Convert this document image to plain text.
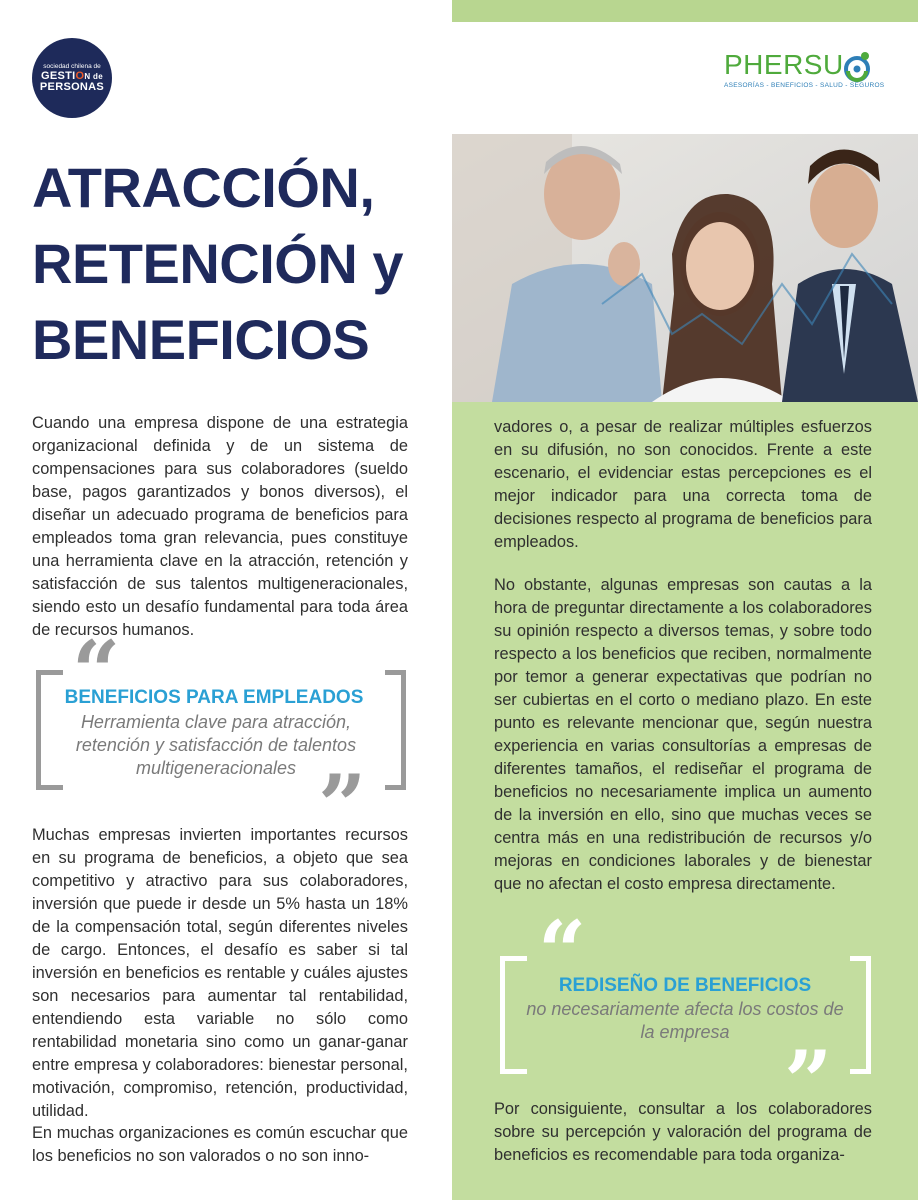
sociedad chilena de
GESTION de
PERSONAS
PHERSU
ASESORÍAS - BENEFICIOS - SALUD - SEGUROS
ATRACCIÓN,
RETENCIÓN y
BENEFICIOS

Cuando una empresa dispone de una estrategia organizacional definida y de un sistema de compensaciones para sus colaboradores (sueldo base, pagos garantizados y bonos diversos), el diseñar un adecuado programa de beneficios para empleados toma gran relevancia, pues constituye una herramienta clave en la atracción, retención y satisfacción de sus talentos multigeneracionales, siendo esto un desafío fundamental para toda área de recursos humanos.

“
”
BENEFICIOS PARA EMPLEADOS
Herramienta clave para atracción, retención y satisfacción de talentos multigeneracionales

Muchas empresas invierten importantes recursos en su programa de beneficios, a objeto que sea competitivo y atractivo para sus colaboradores, inversión que puede ir desde un 5% hasta un 18% de la compensación total, según diferentes niveles de cargo. Entonces, el desafío es saber si tal inversión en beneficios es rentable y cuáles ajustes son necesarios para aumentar tal rentabilidad, entendiendo esta variable no sólo como rentabilidad monetaria sino como un ganar-ganar entre empresa y colaboradores: bienestar personal, motivación, compromiso, retención, productividad, utilidad.

En muchas organizaciones es común escuchar que los beneficios no son valorados o no son inno-

vadores o, a pesar de realizar múltiples esfuerzos en su difusión, no son conocidos. Frente a este escenario, el evidenciar estas percepciones es el mejor indicador para una correcta toma de decisiones respecto al programa de beneficios para empleados.

No obstante, algunas empresas son cautas a la hora de preguntar directamente a los colaboradores su opinión respecto a diversos temas, y sobre todo respecto a los beneficios que reciben, normalmente por temor a generar expectativas que podrían no ser cubiertas en el corto o mediano plazo. En este punto es relevante mencionar que, según nuestra experiencia en varias consultorías a empresas de diferentes tamaños, el rediseñar el programa de beneficios no necesariamente implica un aumento de la inversión en ello, sino que muchas veces se centra más en una redistribución de recursos y/o mejoras en condiciones laborales y de bienestar que no afectan el costo empresa directamente.

“
”
REDISEÑO DE BENEFICIOS
no necesariamente afecta los costos de la empresa

Por consiguiente, consultar a los colaboradores sobre su percepción y valoración del programa de beneficios es recomendable para toda organiza-
